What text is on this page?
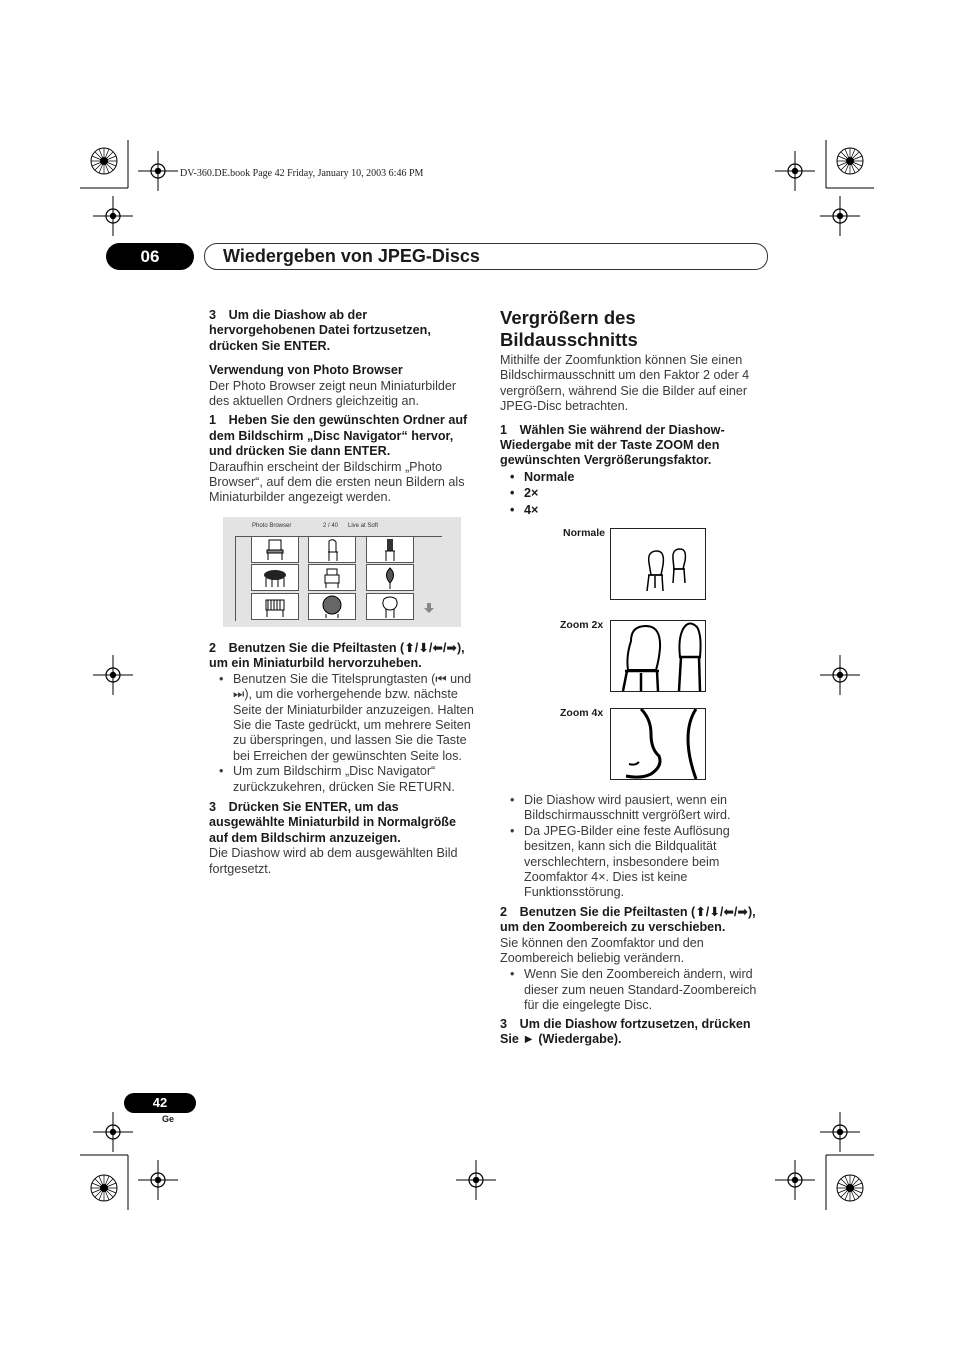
DV-360.DE.book Page 42 Friday, January 10, 2003 6:46 PM
06	Wiedergeben von JPEG-Discs

3 Um die Diashow ab der hervorgehobenen Datei fortzusetzen, drücken Sie ENTER.

Verwendung von Photo Browser

Der Photo Browser zeigt neun Miniaturbilder des aktuellen Ordners gleichzeitig an.

1 Heben Sie den gewünschten Ordner auf dem Bildschirm „Disc Navigator“ hervor, und drücken Sie dann ENTER.

Daraufhin erscheint der Bildschirm „Photo Browser“, auf dem die ersten neun Bildern als Miniaturbilder angezeigt werden.

Photo Browser	2 / 40 Live at Soft

2 Benutzen Sie die Pfeiltasten (⬆/⬇/⬅/➡), um ein Miniaturbild hervorzuheben.

• Benutzen Sie die Titelsprungtasten (⏮ und ⏭), um die vorhergehende bzw. nächste Seite der Miniaturbilder anzuzeigen. Halten Sie die Taste gedrückt, um mehrere Seiten zu überspringen, und lassen Sie die Taste bei Erreichen der gewünschten Seite los.
• Um zum Bildschirm „Disc Navigator“ zurückzukehren, drücken Sie RETURN.

3 Drücken Sie ENTER, um das ausgewählte Miniaturbild in Normalgröße auf dem Bildschirm anzuzeigen.

Die Diashow wird ab dem ausgewählten Bild fortgesetzt.

Vergrößern des

Bildausschnitts

Mithilfe der Zoomfunktion können Sie einen Bildschirmausschnitt um den Faktor 2 oder 4 vergrößern, während Sie die Bilder auf einer JPEG-Disc betrachten.

1 Wählen Sie während der Diashow-Wiedergabe mit der Taste ZOOM den gewünschten Vergrößerungsfaktor.

• Normale
• 2×
• 4×
Normale
Zoom 2x
Zoom 4x
• Die Diashow wird pausiert, wenn ein Bildschirmausschnitt vergrößert wird.
• Da JPEG-Bilder eine feste Auflösung besitzen, kann sich die Bildqualität verschlechtern, insbesondere beim Zoomfaktor 4×. Dies ist keine Funktionsstörung.

2 Benutzen Sie die Pfeiltasten (⬆/⬇/⬅/➡), um den Zoombereich zu verschieben.

Sie können den Zoomfaktor und den Zoombereich beliebig verändern.

• Wenn Sie den Zoombereich ändern, wird dieser zum neuen Standard-Zoombereich für die eingelegte Disc.

3 Um die Diashow fortzusetzen, drücken Sie ► (Wiedergabe).

42
Ge
